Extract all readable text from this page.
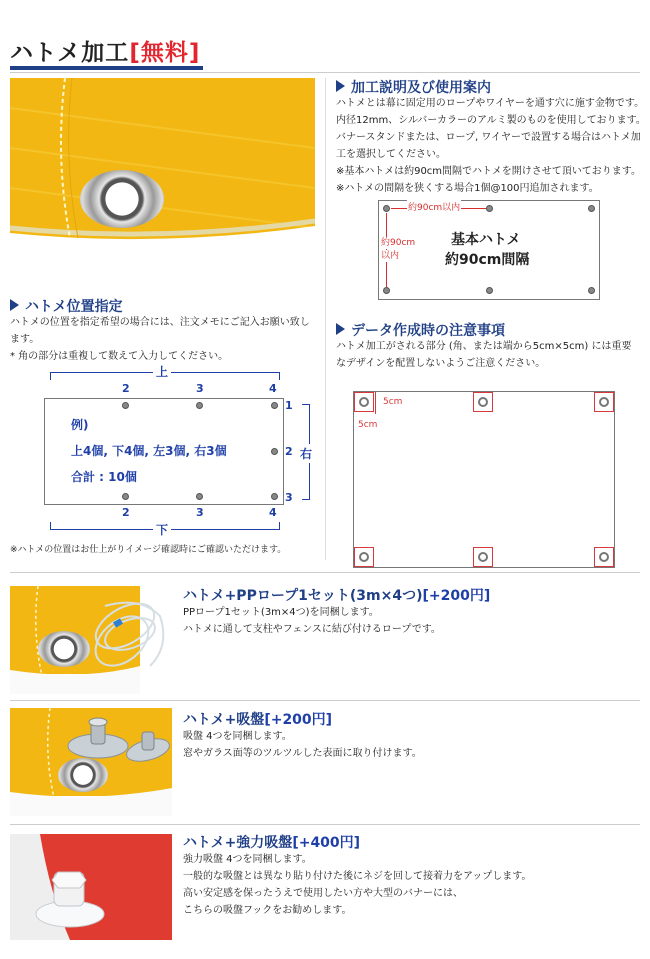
ハトメ加工[無料]
加工説明及び使用案内
ハトメとは幕に固定用のロープやワイヤーを通す穴に施す金物です。
内径12mm、シルバーカラーのアルミ製のものを使用しております。
バナースタンドまたは、ロープ, ワイヤーで設置する場合はハトメ加
工を選択してください。
※基本ハトメは約90cm間隔でハトメを開けさせて頂いております。
※ハトメの間隔を狭くする場合1個@100円追加されます。
約90cm以内
約90cm
以内
基本ハトメ
約90cm間隔
ハトメ位置指定
ハトメの位置を指定希望の場合には、注文メモにご記入お願い致し
ます。
* 角の部分は重複して数えて入力してください。
上
2	3	4
例)
上4個, 下4個, 左3個, 右3個
合計 : 10個
1
2
3
右
2	3	4
下
※ハトメの位置はお仕上がりイメージ確認時にご確認いただけます。
データ作成時の注意事項
ハトメ加工がされる部分 (角、または端から5cm×5cm) には重要
なデザインを配置しないようご注意ください。
5cm
5cm
ハトメ+PPロープ1セット(3m×4つ)[+200円]
PPロープ1セット(3m×4つ)を同梱します。
ハトメに通して支柱やフェンスに結び付けるロープです。
ハトメ+吸盤[+200円]
吸盤 4つを同梱します。
窓やガラス面等のツルツルした表面に取り付けます。
ハトメ+強力吸盤[+400円]
強力吸盤 4つを同梱します。
一般的な吸盤とは異なり貼り付けた後にネジを回して接着力をアップします。
高い安定感を保ったうえで使用したい方や大型のバナーには、
こちらの吸盤フックをお勧めします。
